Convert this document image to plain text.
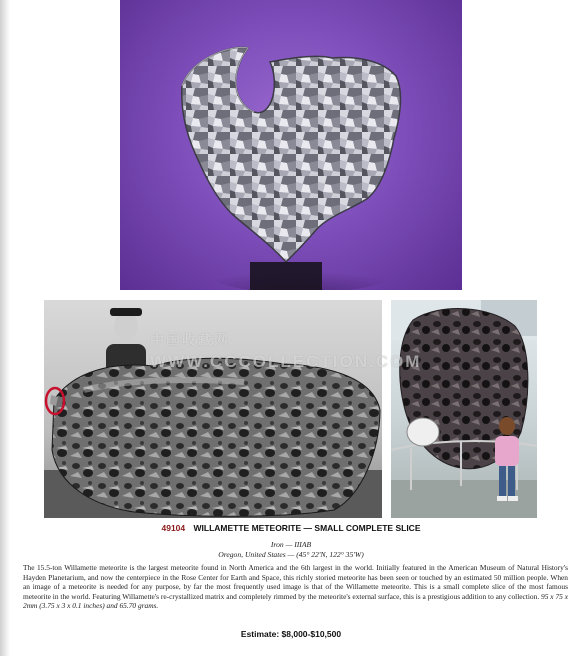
中国收藏网
WWW.CCCOLLECTION.COM
49104 WILLAMETTE METEORITE — SMALL COMPLETE SLICE
Iron — IIIAB
Oregon, United States — (45° 22'N, 122° 35'W)
The 15.5-ton Willamette meteorite is the largest meteorite found in North America and the 6th largest in the world. Initially featured in the American Museum of Natural History's Hayden Planetarium, and now the centerpiece in the Rose Center for Earth and Space, this richly storied meteorite has been seen or touched by an estimated 50 million people. When an image of a meteorite is needed for any purpose, by far the most frequently used image is that of the Willamette meteorite. This is a small complete slice of the most famous meteorite in the world. Featuring Willamette's re-crystallized matrix and completely rimmed by the meteorite's external surface, this is a prestigious addition to any collection. 95 x 75 x 2mm (3.75 x 3 x 0.1 inches) and 65.70 grams.
Estimate: $8,000-$10,500
